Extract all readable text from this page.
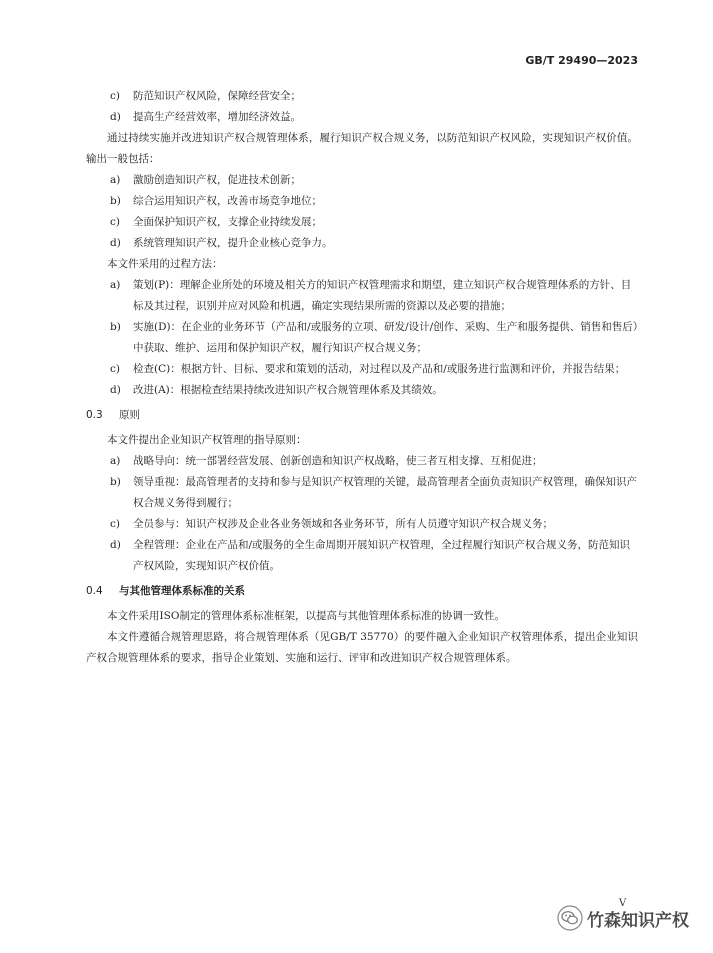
GB/T 29490—2023
c) 防范知识产权风险，保障经营安全；
d) 提高生产经营效率，增加经济效益。
通过持续实施并改进知识产权合规管理体系，履行知识产权合规义务，以防范知识产权风险，实现知识产权价值。输出一般包括：
a) 激励创造知识产权，促进技术创新；
b) 综合运用知识产权，改善市场竞争地位；
c) 全面保护知识产权，支撑企业持续发展；
d) 系统管理知识产权，提升企业核心竞争力。
本文件采用的过程方法：
a) 策划(P)：理解企业所处的环境及相关方的知识产权管理需求和期望，建立知识产权合规管理体系的方针、目标及其过程，识别并应对风险和机遇，确定实现结果所需的资源以及必要的措施；
b) 实施(D)：在企业的业务环节（产品和/或服务的立项、研发/设计/创作、采购、生产和服务提供、销售和售后）中获取、维护、运用和保护知识产权，履行知识产权合规义务；
c) 检查(C)：根据方针、目标、要求和策划的活动，对过程以及产品和/或服务进行监测和评价，并报告结果；
d) 改进(A)：根据检查结果持续改进知识产权合规管理体系及其绩效。
0.3	原则
本文件提出企业知识产权管理的指导原则：
a) 战略导向：统一部署经营发展、创新创造和知识产权战略，使三者互相支撑、互相促进；
b) 领导重视：最高管理者的支持和参与是知识产权管理的关键，最高管理者全面负责知识产权管理，确保知识产权合规义务得到履行；
c) 全员参与：知识产权涉及企业各业务领域和各业务环节，所有人员遵守知识产权合规义务；
d) 全程管理：企业在产品和/或服务的全生命周期开展知识产权管理，全过程履行知识产权合规义务，防范知识产权风险，实现知识产权价值。
0.4	与其他管理体系标准的关系
本文件采用ISO制定的管理体系标准框架，以提高与其他管理体系标准的协调一致性。
本文件遵循合规管理思路，将合规管理体系（见GB/T 35770）的要件融入企业知识产权管理体系，提出企业知识产权合规管理体系的要求，指导企业策划、实施和运行、评审和改进知识产权合规管理体系。
V
竹森知识产权
